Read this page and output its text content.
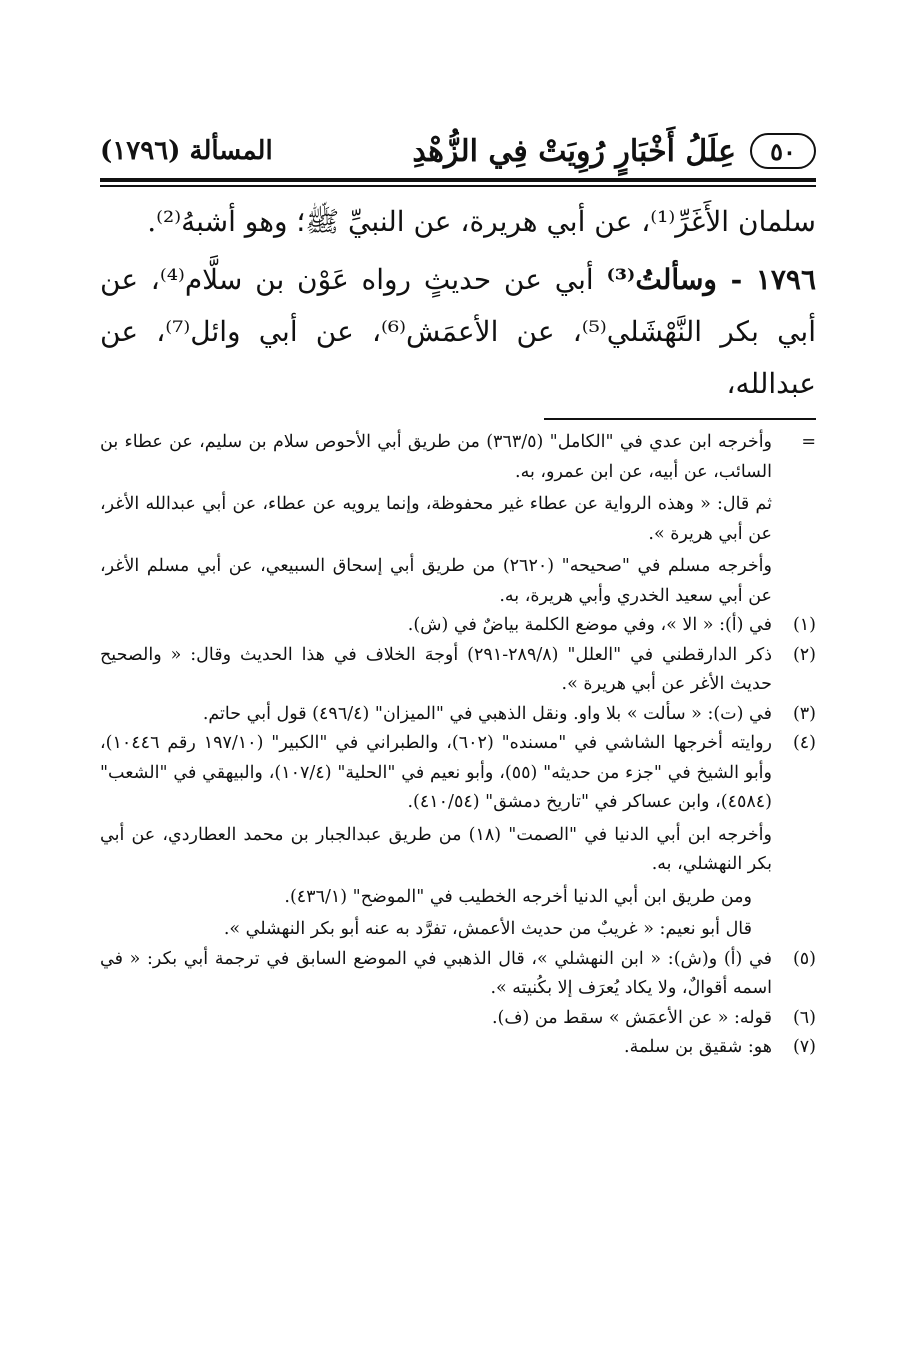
٥٠
عِلَلُ أَخْبَارٍ رُوِيَتْ فِي الزُّهْدِ
المسألة (١٧٩٦)

سلمان الأَغَرِّ⁽¹⁾، عن أبي هريرة، عن النبيِّ ﷺ؛ وهو أشبهُ⁽²⁾.

١٧٩٦ - وسألتُ⁽³⁾ أبي عن حديثٍ رواه عَوْن بن سلَّام⁽⁴⁾، عن أبي بكر النَّهْشَلي⁽⁵⁾، عن الأعمَش⁽⁶⁾، عن أبي وائل⁽⁷⁾، عن عبدالله،

=

وأخرجه ابن عدي في "الكامل" (٣٦٣/٥) من طريق أبي الأحوص سلام بن سليم، عن عطاء بن السائب، عن أبيه، عن ابن عمرو، به.

ثم قال: « وهذه الرواية عن عطاء غير محفوظة، وإنما يرويه عن عطاء، عن أبي عبدالله الأغر، عن أبي هريرة ».

وأخرجه مسلم في "صحيحه" (٢٦٢٠) من طريق أبي إسحاق السبيعي، عن أبي مسلم الأغر، عن أبي سعيد الخدري وأبي هريرة، به.

(١)

في (أ): « الا »، وفي موضع الكلمة بياضٌ في (ش).

(٢)

ذكر الدارقطني في "العلل" (٢٨٩/٨-٢٩١) أوجهَ الخلاف في هذا الحديث وقال: « والصحيح حديث الأغر عن أبي هريرة ».

(٣)

في (ت): « سألت » بلا واو. ونقل الذهبي في "الميزان" (٤٩٦/٤) قول أبي حاتم.

(٤)

روايته أخرجها الشاشي في "مسنده" (٦٠٢)، والطبراني في "الكبير" (١٩٧/١٠ رقم ١٠٤٤٦)، وأبو الشيخ في "جزء من حديثه" (٥٥)، وأبو نعيم في "الحلية" (١٠٧/٤)، والبيهقي في "الشعب" (٤٥٨٤)، وابن عساكر في "تاريخ دمشق" (٤١٠/٥٤).

وأخرجه ابن أبي الدنيا في "الصمت" (١٨) من طريق عبدالجبار بن محمد العطاردي، عن أبي بكر النهشلي، به.

ومن طريق ابن أبي الدنيا أخرجه الخطيب في "الموضح" (٤٣٦/١).

قال أبو نعيم: « غريبٌ من حديث الأعمش، تفرَّد به عنه أبو بكر النهشلي ».

(٥)

في (أ) و(ش): « ابن النهشلي »، قال الذهبي في الموضع السابق في ترجمة أبي بكر: « في اسمه أقوالٌ، ولا يكاد يُعرَف إلا بكُنيته ».

(٦)

قوله: « عن الأعمَش » سقط من (ف).

(٧)

هو: شقيق بن سلمة.
